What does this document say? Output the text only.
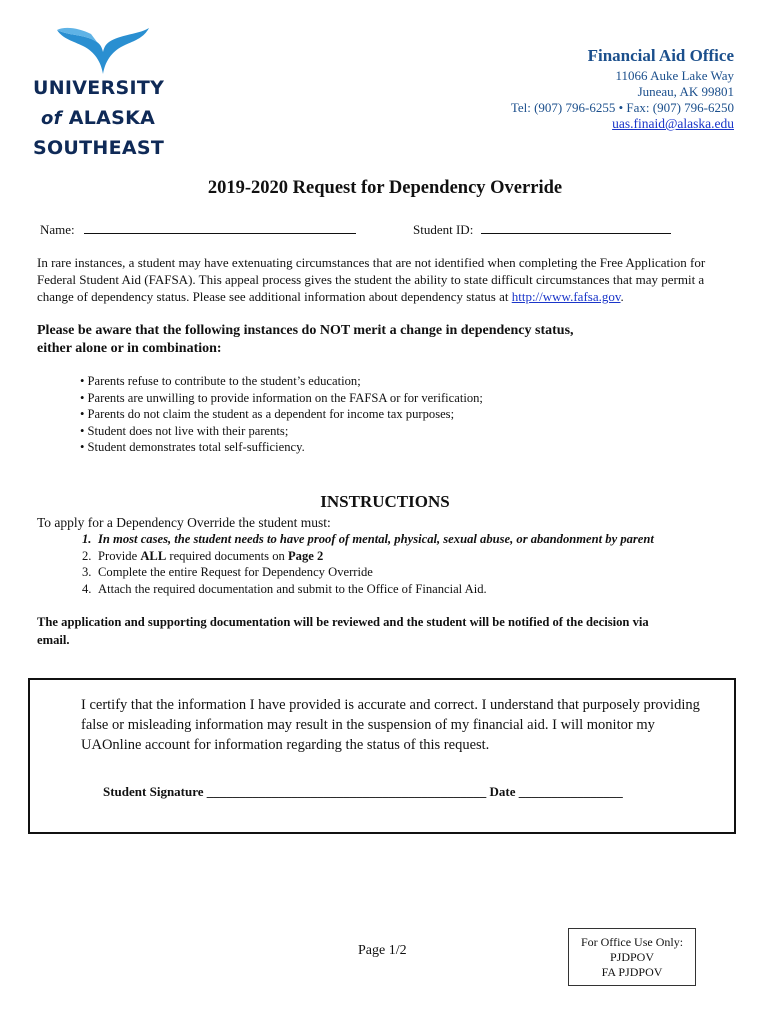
UNIVERSITY
of ALASKA
SOUTHEAST
Financial Aid Office
11066 Auke Lake Way
Juneau, AK 99801
Tel: (907) 796-6255 • Fax: (907) 796-6250
uas.finaid@alaska.edu
2019-2020 Request for Dependency Override
Name:	Student ID:
In rare instances, a student may have extenuating circumstances that are not identified when completing the Free Application for Federal Student Aid (FAFSA). This appeal process gives the student the ability to state difficult circumstances that may permit a change of dependency status. Please see additional information about dependency status at http://www.fafsa.gov.
Please be aware that the following instances do NOT merit a change in dependency status,
either alone or in combination:
• Parents refuse to contribute to the student’s education;
• Parents are unwilling to provide information on the FAFSA or for verification;
• Parents do not claim the student as a dependent for income tax purposes;
• Student does not live with their parents;
• Student demonstrates total self-sufficiency.
INSTRUCTIONS
To apply for a Dependency Override the student must:
1. In most cases, the student needs to have proof of mental, physical, sexual abuse, or abandonment by parent
2. Provide ALL required documents on Page 2
3. Complete the entire Request for Dependency Override
4. Attach the required documentation and submit to the Office of Financial Aid.
The application and supporting documentation will be reviewed and the student will be notified of the decision via
email.
I certify that the information I have provided is accurate and correct. I understand that purposely providing
false or misleading information may result in the suspension of my financial aid. I will monitor my
UAOnline account for information regarding the status of this request.
Student Signature ___________________________________________ Date ________________
Page 1/2
For Office Use Only:
PJDPOV
FA PJDPOV
